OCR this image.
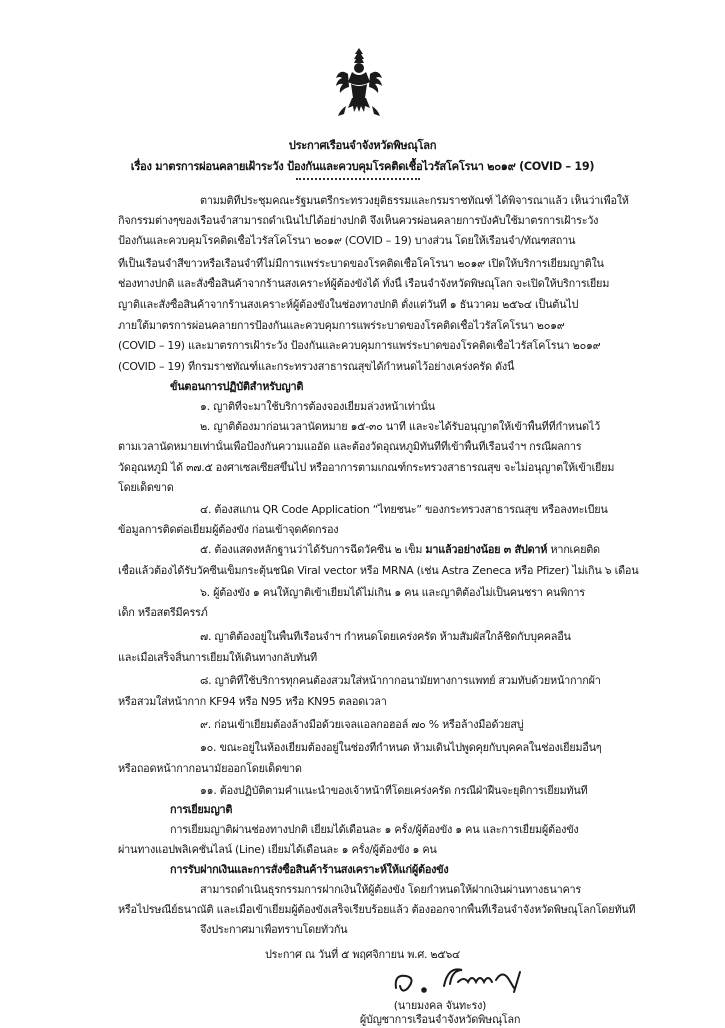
ประกาศเรือนจำจังหวัดพิษณุโลก
เรื่อง มาตรการผ่อนคลายเฝ้าระวัง ป้องกันและควบคุมโรคติดเชื้อไวรัสโคโรนา ๒๐๑๙ (COVID – 19)
ตามมติที่ประชุมคณะรัฐมนตรีกระทรวงยุติธรรมและกรมราชทัณฑ์ ได้พิจารณาแล้ว เห็นว่าเพื่อให้
กิจกรรมต่างๆของเรือนจำสามารถดำเนินไปได้อย่างปกติ จึงเห็นควรผ่อนคลายการบังคับใช้มาตรการเฝ้าระวัง
ป้องกันและควบคุมโรคติดเชื้อไวรัสโคโรนา ๒๐๑๙ (COVID – 19) บางส่วน โดยให้เรือนจำ/ทัณฑสถาน
ที่เป็นเรือนจำสีขาวหรือเรือนจำที่ไม่มีการแพร่ระบาดของโรคติดเชื้อโคโรนา ๒๐๑๙ เปิดให้บริการเยี่ยมญาติใน
ช่องทางปกติ และสั่งซื้อสินค้าจากร้านสงเคราะห์ผู้ต้องขังได้ ทั้งนี้ เรือนจำจังหวัดพิษณุโลก จะเปิดให้บริการเยี่ยม
ญาติและสั่งซื้อสินค้าจากร้านสงเคราะห์ผู้ต้องขังในช่องทางปกติ ตั้งแต่วันที่ ๑ ธันวาคม ๒๕๖๔ เป็นต้นไป
ภายใต้มาตรการผ่อนคลายการป้องกันและควบคุมการแพร่ระบาดของโรคติดเชื้อไวรัสโคโรนา ๒๐๑๙
(COVID – 19) และมาตรการเฝ้าระวัง ป้องกันและควบคุมการแพร่ระบาดของโรคติดเชื้อไวรัสโคโรนา ๒๐๑๙
(COVID – 19) ที่กรมราชทัณฑ์และกระทรวงสาธารณสุขได้กำหนดไว้อย่างเคร่งครัด ดังนี้
ขั้นตอนการปฏิบัติสำหรับญาติ
๑. ญาติที่จะมาใช้บริการต้องจองเยี่ยมล่วงหน้าเท่านั้น
๒. ญาติต้องมาก่อนเวลานัดหมาย ๑๕-๓๐ นาที และจะได้รับอนุญาตให้เข้าพื้นที่ที่กำหนดไว้
ตามเวลานัดหมายเท่านั้นเพื่อป้องกันความแออัด และต้องวัดอุณหภูมิทันทีที่เข้าพื้นที่เรือนจำฯ กรณีผลการ
วัดอุณหภูมิ ได้ ๓๗.๕ องศาเซลเซียสขึ้นไป หรืออาการตามเกณฑ์กระทรวงสาธารณสุข จะไม่อนุญาตให้เข้าเยี่ยม
โดยเด็ดขาด
๔. ต้องสแกน QR Code Application “ไทยชนะ” ของกระทรวงสาธารณสุข หรือลงทะเบียน
ข้อมูลการติดต่อเยี่ยมผู้ต้องขัง ก่อนเข้าจุดคัดกรอง
๕. ต้องแสดงหลักฐานว่าได้รับการฉีดวัคซีน ๒ เข็ม มาแล้วอย่างน้อย ๓ สัปดาห์ หากเคยติด
เชื้อแล้วต้องได้รับวัคซีนเข็มกระตุ้นชนิด Viral vector หรือ MRNA (เช่น Astra Zeneca หรือ Pfizer) ไม่เกิน ๖ เดือน
๖. ผู้ต้องขัง ๑ คนให้ญาติเข้าเยี่ยมได้ไม่เกิน ๑ คน และญาติต้องไม่เป็นคนชรา คนพิการ
เด็ก หรือสตรีมีครรภ์
๗. ญาติต้องอยู่ในพื้นที่เรือนจำฯ กำหนดโดยเคร่งครัด ห้ามสัมผัสใกล้ชิดกับบุคคลอื่น
และเมื่อเสร็จสิ้นการเยี่ยมให้เดินทางกลับทันที
๘. ญาติที่ใช้บริการทุกคนต้องสวมใส่หน้ากากอนามัยทางการแพทย์ สวมทับด้วยหน้ากากผ้า
หรือสวมใส่หน้ากาก KF94 หรือ N95 หรือ KN95 ตลอดเวลา
๙. ก่อนเข้าเยี่ยมต้องล้างมือด้วยเจลแอลกอฮอล์ ๗๐ % หรือล้างมือด้วยสบู่
๑๐. ขณะอยู่ในห้องเยี่ยมต้องอยู่ในช่องที่กำหนด ห้ามเดินไปพูดคุยกับบุคคลในช่องเยี่ยมอื่นๆ
หรือถอดหน้ากากอนามัยออกโดยเด็ดขาด
๑๑. ต้องปฏิบัติตามคำแนะนำของเจ้าหน้าที่โดยเคร่งครัด กรณีฝ่าฝืนจะยุติการเยี่ยมทันที
การเยี่ยมญาติ
การเยี่ยมญาติผ่านช่องทางปกติ เยี่ยมได้เดือนละ ๑ ครั้ง/ผู้ต้องขัง ๑ คน และการเยี่ยมผู้ต้องขัง
ผ่านทางแอปพลิเคชั่นไลน์ (Line) เยี่ยมได้เดือนละ ๑ ครั้ง/ผู้ต้องขัง ๑ คน
การรับฝากเงินและการสั่งซื้อสินค้าร้านสงเคราะห์ให้แก่ผู้ต้องขัง
สามารถดำเนินธุรกรรมการฝากเงินให้ผู้ต้องขัง โดยกำหนดให้ฝากเงินผ่านทางธนาคาร
หรือไปรษณีย์ธนาณัติ และเมื่อเข้าเยี่ยมผู้ต้องขังเสร็จเรียบร้อยแล้ว ต้องออกจากพื้นที่เรือนจำจังหวัดพิษณุโลกโดยทันที
จึงประกาศมาเพื่อทราบโดยทั่วกัน
ประกาศ ณ วันที่ ๕ พฤศจิกายน พ.ศ. ๒๕๖๔
(นายมงคล จันทะรง)
ผู้บัญชาการเรือนจำจังหวัดพิษณุโลก
